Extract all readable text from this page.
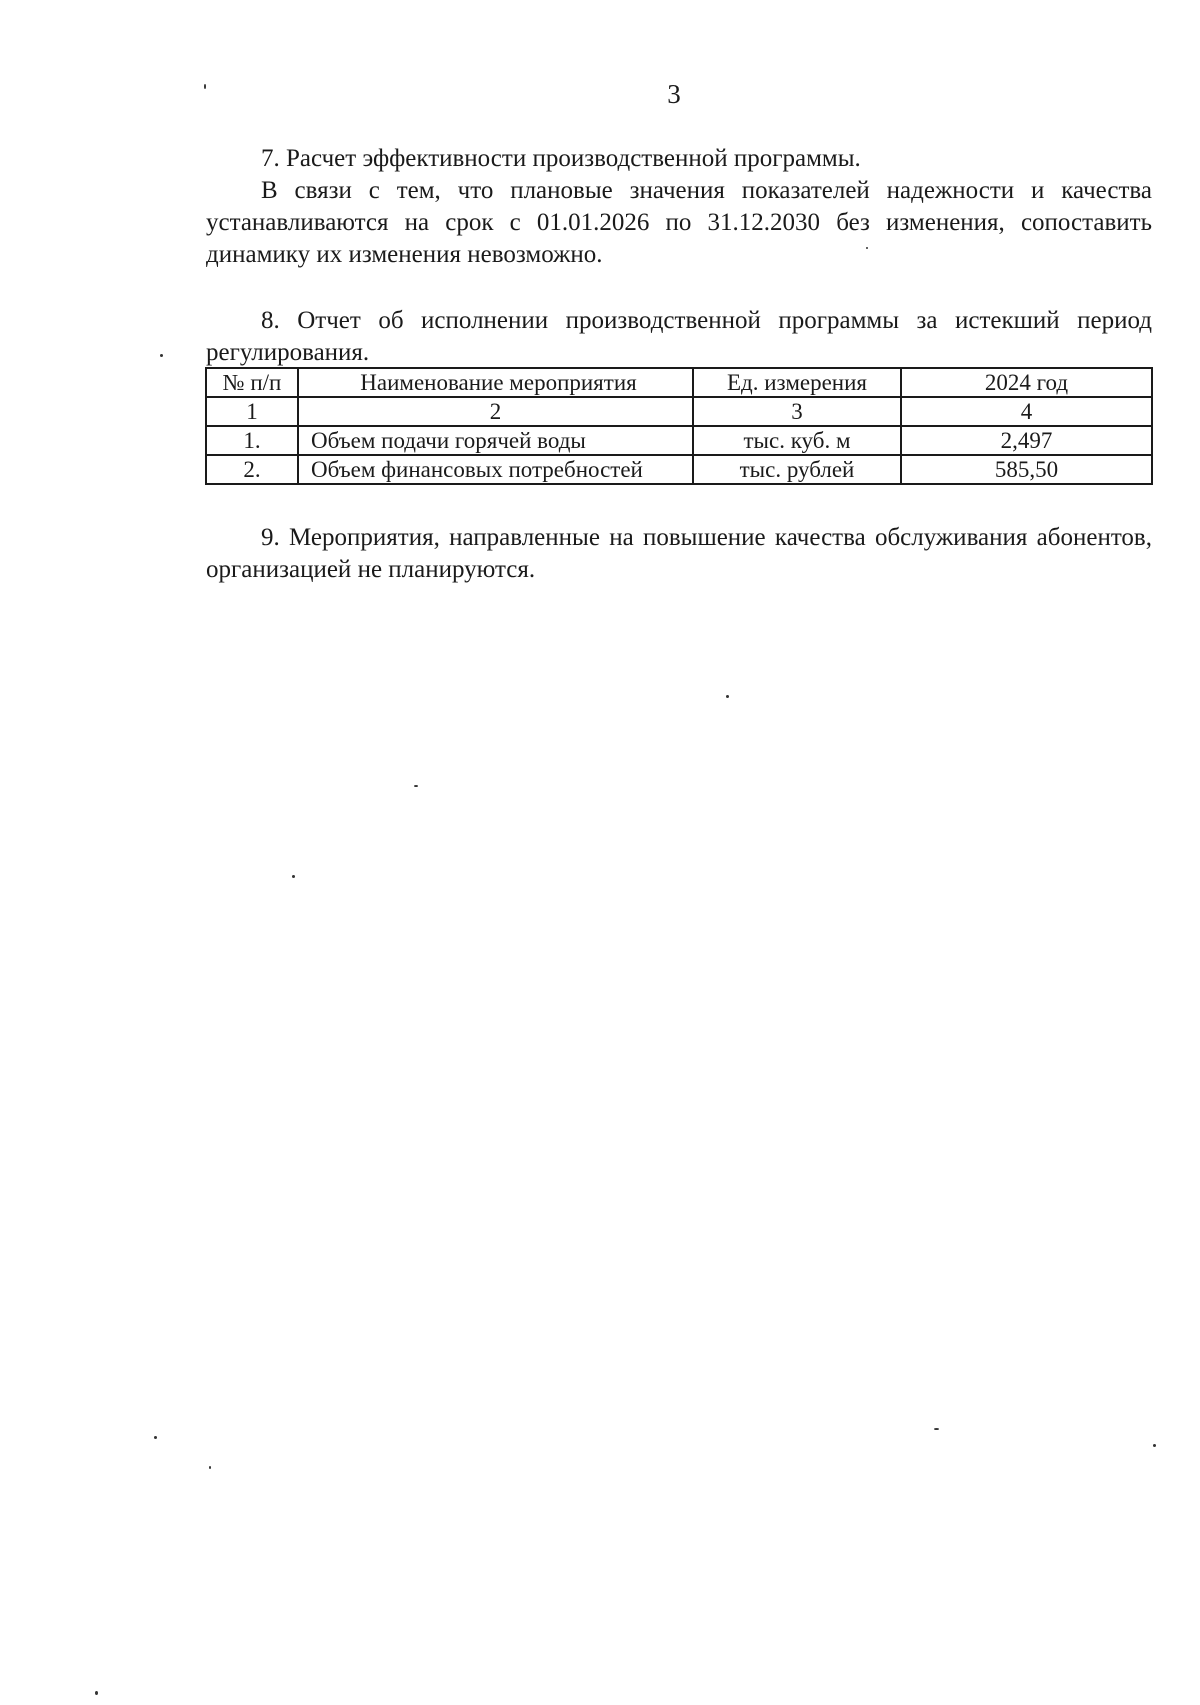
3

7. Расчет эффективности производственной программы.

В связи с тем, что плановые значения показателей надежности и качества устанавливаются на срок с 01.01.2026 по 31.12.2030 без изменения, сопоставить динамику их изменения невозможно.

8. Отчет об исполнении производственной программы за истекший период регулирования.

№ п/п	Наименование мероприятия	Ед. измерения	2024 год
1	2	3	4
1.	Объем подачи горячей воды	тыс. куб. м	2,497
2.	Объем финансовых потребностей	тыс. рублей	585,50

9. Мероприятия, направленные на повышение качества обслуживания абонентов, организацией не планируются.
